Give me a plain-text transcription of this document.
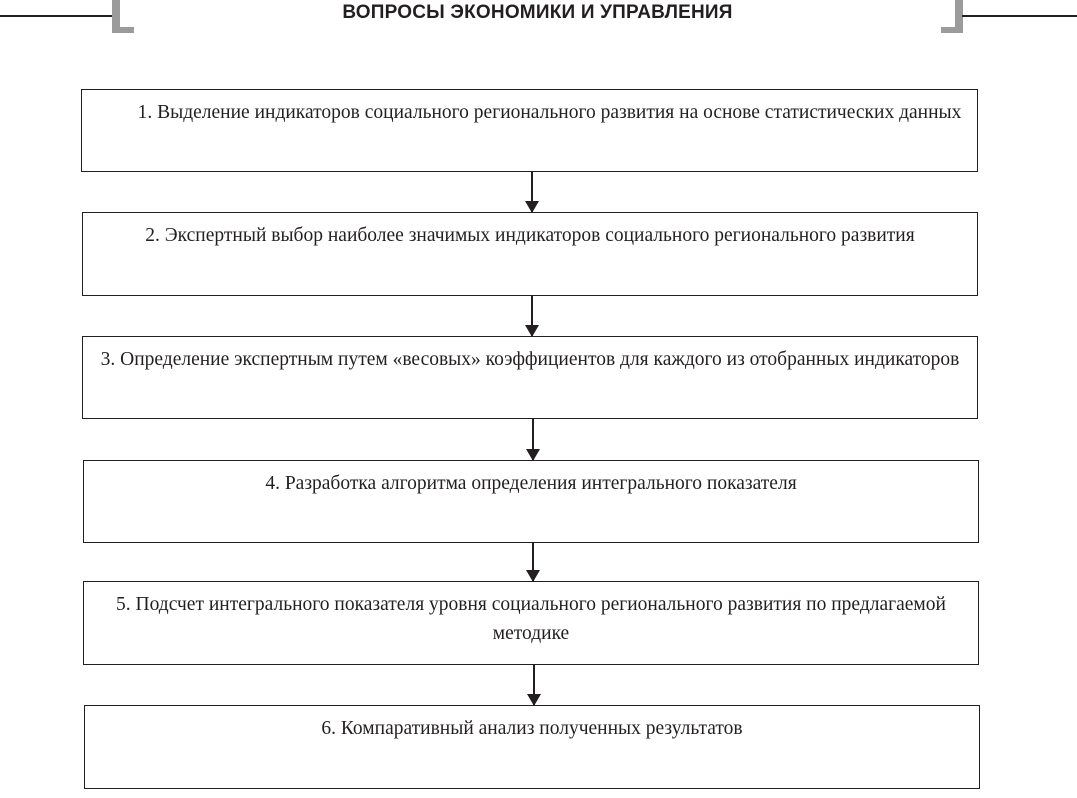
ВОПРОСЫ ЭКОНОМИКИ И УПРАВЛЕНИЯ
1. Выделение индикаторов социального регионального развития на основе статистических данных
2. Экспертный выбор наиболее значимых индикаторов социального регионального развития
3. Определение экспертным путем «весовых» коэффициентов для каждого из отобранных индикаторов
4. Разработка алгоритма определения интегрального показателя
5. Подсчет интегрального показателя уровня социального регионального развития по предлагаемой методике
6. Компаративный анализ полученных результатов
